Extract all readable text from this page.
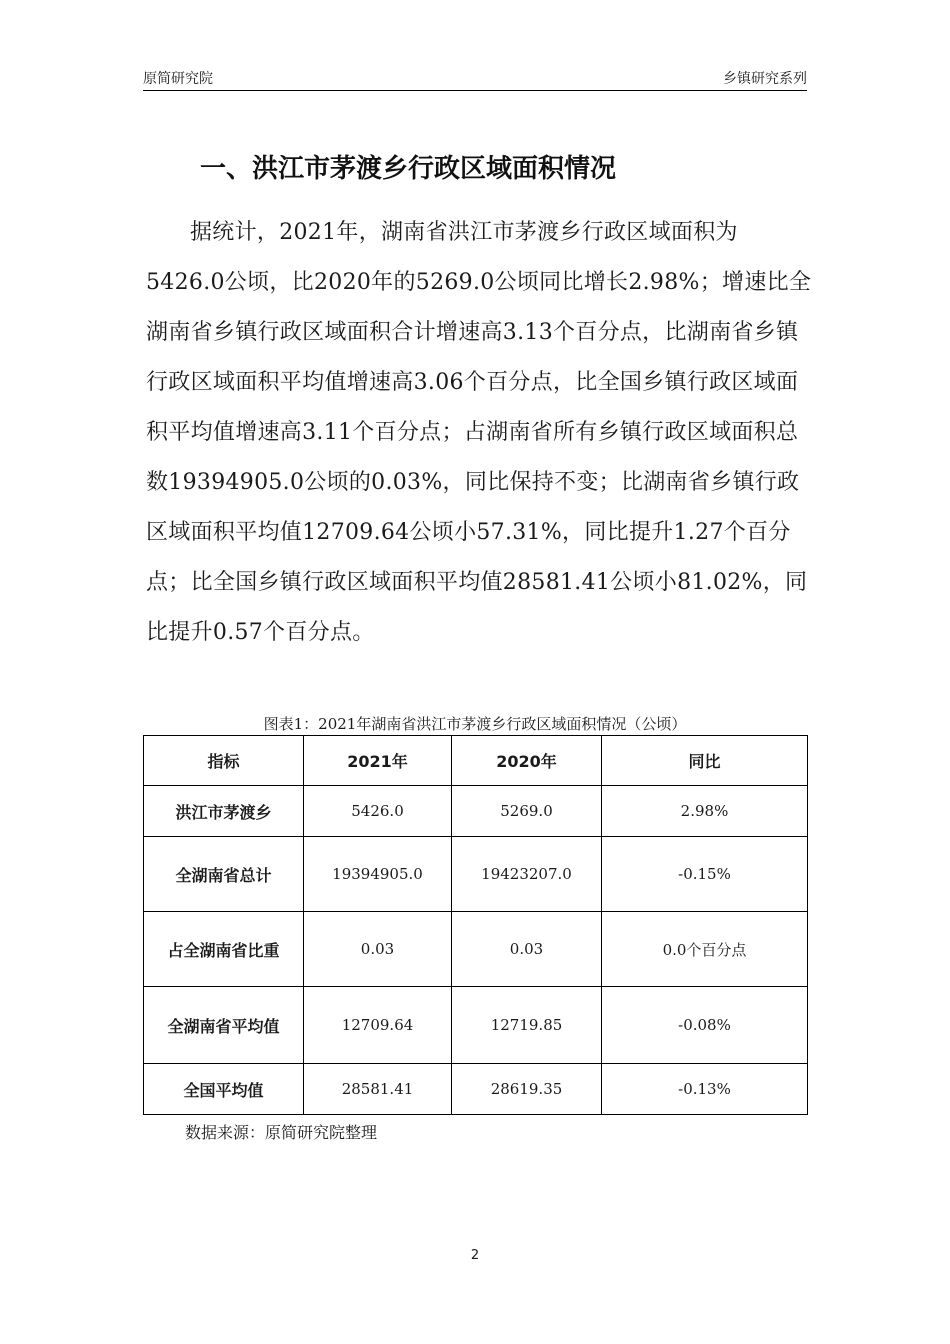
原简研究院	乡镇研究系列
一、洪江市茅渡乡行政区域面积情况

据统计，2021年，湖南省洪江市茅渡乡行政区域面积为5426.0公顷，比2020年的5269.0公顷同比增长2.98%；增速比全湖南省乡镇行政区域面积合计增速高3.13个百分点，比湖南省乡镇行政区域面积平均值增速高3.06个百分点，比全国乡镇行政区域面积平均值增速高3.11个百分点；占湖南省所有乡镇行政区域面积总数19394905.0公顷的0.03%，同比保持不变；比湖南省乡镇行政区域面积平均值12709.64公顷小57.31%，同比提升1.27个百分点；比全国乡镇行政区域面积平均值28581.41公顷小81.02%，同比提升0.57个百分点。

图表1：2021年湖南省洪江市茅渡乡行政区域面积情况（公顷）
指标	2021年	2020年	同比
洪江市茅渡乡	5426.0	5269.0	2.98%
全湖南省总计	19394905.0	19423207.0	-0.15%
占全湖南省比重	0.03	0.03	0.0个百分点
全湖南省平均值	12709.64	12719.85	-0.08%
全国平均值	28581.41	28619.35	-0.13%
数据来源：原简研究院整理
2
